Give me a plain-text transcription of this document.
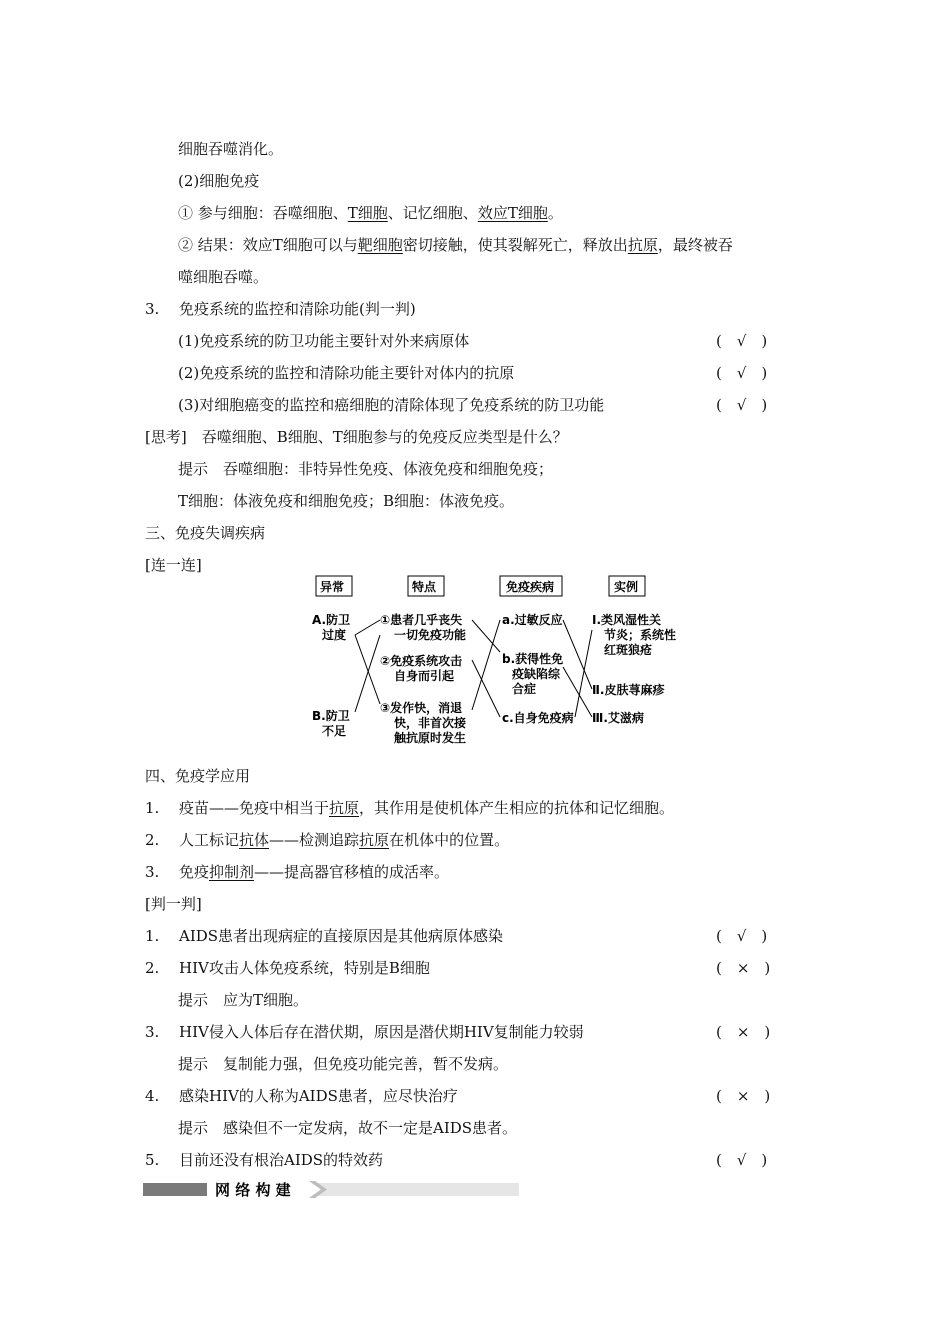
细胞吞噬消化。
(2)细胞免疫
① 参与细胞：吞噬细胞、T细胞、记忆细胞、效应T细胞。
② 结果：效应T细胞可以与靶细胞密切接触，使其裂解死亡，释放出抗原，最终被吞
噬细胞吞噬。
3. 免疫系统的监控和清除功能(判一判)
(1)免疫系统的防卫功能主要针对外来病原体	(　√　)
(2)免疫系统的监控和清除功能主要针对体内的抗原	(　√　)
(3)对细胞癌变的监控和癌细胞的清除体现了免疫系统的防卫功能	(　√　)
[思考]　吞噬细胞、B细胞、T细胞参与的免疫反应类型是什么？
提示　吞噬细胞：非特异性免疫、体液免疫和细胞免疫；
T细胞：体液免疫和细胞免疫；B细胞：体液免疫。
三、免疫失调疾病
[连一连]
异常	特点	免疫疾病	实例
A.防卫
过度
B.防卫
不足
①患者几乎丧失
一切免疫功能
②免疫系统攻击
自身而引起
③发作快，消退
快，非首次接
触抗原时发生
a.过敏反应
b.获得性免
疫缺陷综
合症
c.自身免疫病
Ⅰ.类风湿性关
节炎；系统性
红斑狼疮
Ⅱ.皮肤荨麻疹
Ⅲ.艾滋病
四、免疫学应用
1. 疫苗——免疫中相当于抗原，其作用是使机体产生相应的抗体和记忆细胞。
2. 人工标记抗体——检测追踪抗原在机体中的位置。
3. 免疫抑制剂——提高器官移植的成活率。
[判一判]
1. AIDS患者出现病症的直接原因是其他病原体感染	(　√　)
2. HIV攻击人体免疫系统，特别是B细胞	(　×　)
提示　应为T细胞。
3. HIV侵入人体后存在潜伏期，原因是潜伏期HIV复制能力较弱	(　×　)
提示　复制能力强，但免疫功能完善，暂不发病。
4. 感染HIV的人称为AIDS患者，应尽快治疗	(　×　)
提示　感染但不一定发病，故不一定是AIDS患者。
5. 目前还没有根治AIDS的特效药	(　√　)
网 络 构 建
